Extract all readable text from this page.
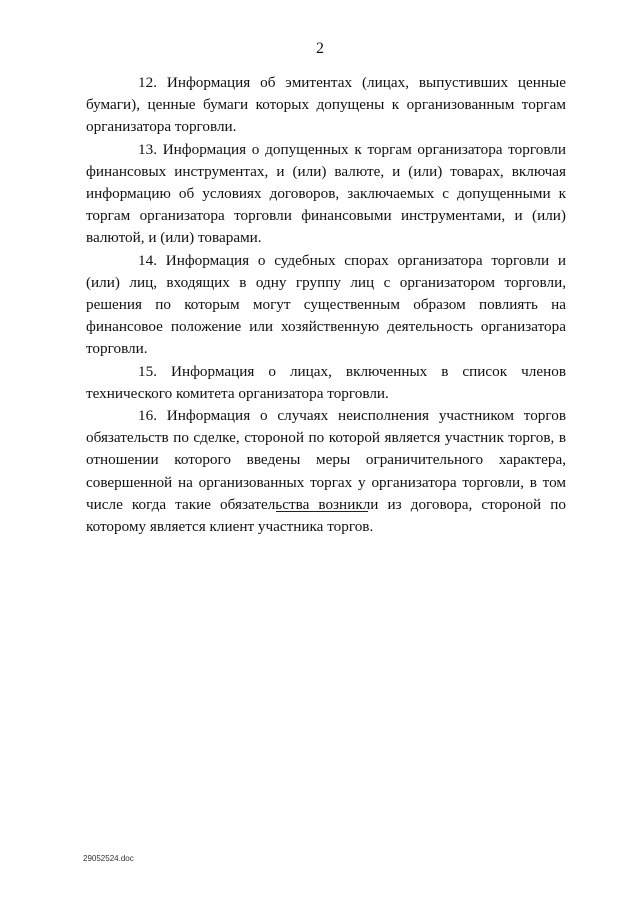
2

12. Информация об эмитентах (лицах, выпустивших ценные бумаги), ценные бумаги которых допущены к организованным торгам организатора торговли.

13. Информация о допущенных к торгам организатора торговли финансовых инструментах, и (или) валюте, и (или) товарах, включая информацию об условиях договоров, заключаемых с допущенными к торгам организатора торговли финансовыми инструментами, и (или) валютой, и (или) товарами.

14. Информация о судебных спорах организатора торговли и (или) лиц, входящих в одну группу лиц с организатором торговли, решения по которым могут существенным образом повлиять на финансовое положение или хозяйственную деятельность организатора торговли.

15. Информация о лицах, включенных в список членов технического комитета организатора торговли.

16. Информация о случаях неисполнения участником торгов обязательств по сделке, стороной по которой является участник торгов, в отношении которого введены меры ограничительного характера, совершенной на организованных торгах у организатора торговли, в том числе когда такие обязательства возникли из договора, стороной по которому является клиент участника торгов.

29052524.doc
